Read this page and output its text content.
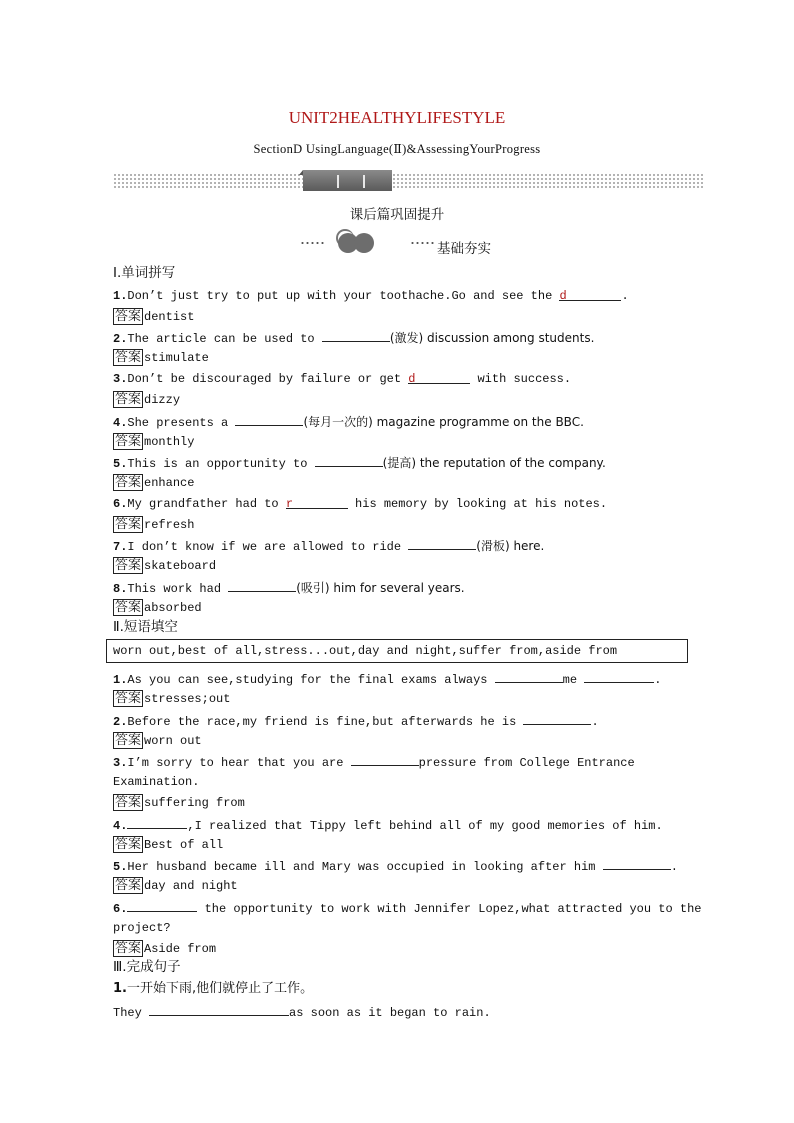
UNIT2HEALTHYLIFESTYLE
SectionD UsingLanguage(Ⅱ)&AssessingYourProgress
课后篇巩固提升
基础夯实
Ⅰ.单词拼写
1.Don’t just try to put up with your toothache.Go and see the d	.
答案 dentist
2.The article can be used to	(激发) discussion among students.
答案 stimulate
3.Don’t be discouraged by failure or get d	with success.
答案 dizzy
4.She presents a	(每月一次的) magazine programme on the BBC.
答案 monthly
5.This is an opportunity to	(提高) the reputation of the company.
答案 enhance
6.My grandfather had to r	his memory by looking at his notes.
答案 refresh
7.I don’t know if we are allowed to ride	(滑板) here.
答案 skateboard
8.This work had	(吸引) him for several years.
答案 absorbed
Ⅱ.短语填空
worn out,best of all,stress...out,day and night,suffer from,aside from
1.As you can see,studying for the final exams always	me	.
答案 stresses;out
2.Before the race,my friend is fine,but afterwards he is	.
答案 worn out
3.I’m sorry to hear that you are	pressure from College Entrance
Examination.
答案 suffering from
4.	,I realized that Tippy left behind all of my good memories of him.
答案 Best of all
5.Her husband became ill and Mary was occupied in looking after him	.
答案 day and night
6.	the opportunity to work with Jennifer Lopez,what attracted you to the
project?
答案 Aside from
Ⅲ.完成句子
1.一开始下雨,他们就停止了工作。
They	as soon as it began to rain.
